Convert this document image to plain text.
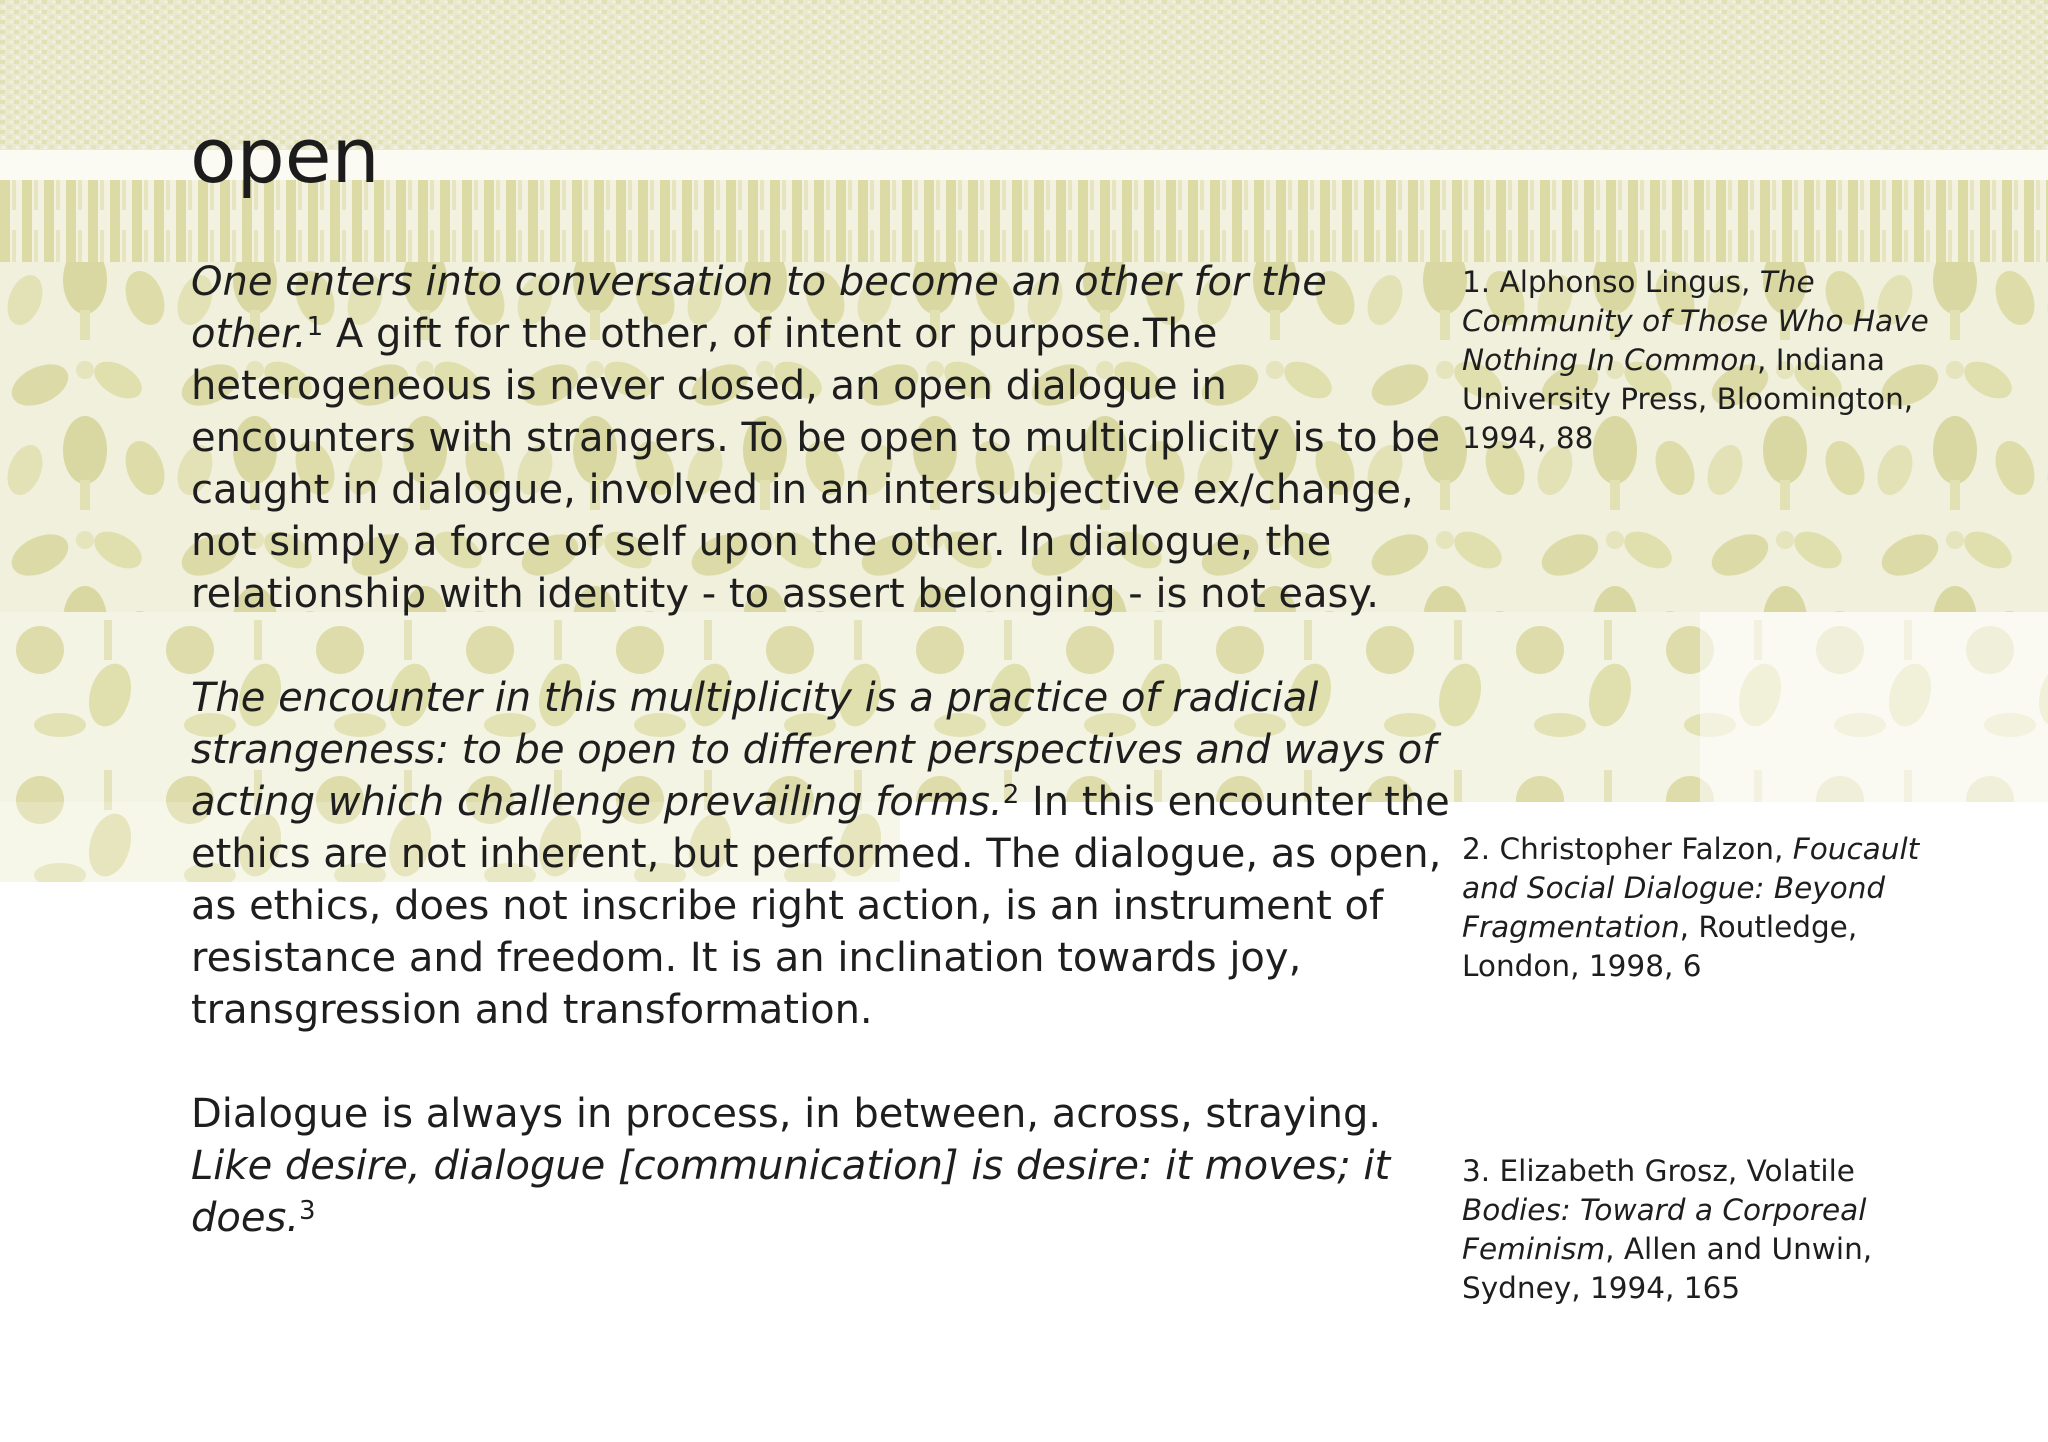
open

One enters into conversation to become an other for the other.$^1$ A gift for the other, of intent or purpose.The heterogeneous is never closed, an open dialogue in encounters with strangers. To be open to multiciplicity is to be caught in dialogue, involved in an intersubjective ex/change, not simply a force of self upon the other. In dialogue, the relationship with identity - to assert belonging - is not easy.

The encounter in this multiplicity is a practice of radicial strangeness: to be open to different perspectives and ways of acting which challenge prevailing forms.$^2$ In this encounter the ethics are not inherent, but performed. The dialogue, as open, as ethics, does not inscribe right action, is an instrument of resistance and freedom. It is an inclination towards joy, transgression and transformation.

Dialogue is always in process, in between, across, straying. Like desire, dialogue [communication] is desire: it moves; it does.$^3$

1. Alphonso Lingus, The Community of Those Who Have Nothing In Common, Indiana University Press, Bloomington, 1994, 88

2. Christopher Falzon, Foucault and Social Dialogue: Beyond Fragmentation, Routledge, London, 1998, 6

3. Elizabeth Grosz, Volatile Bodies: Toward a Corporeal Feminism, Allen and Unwin, Sydney, 1994, 165
